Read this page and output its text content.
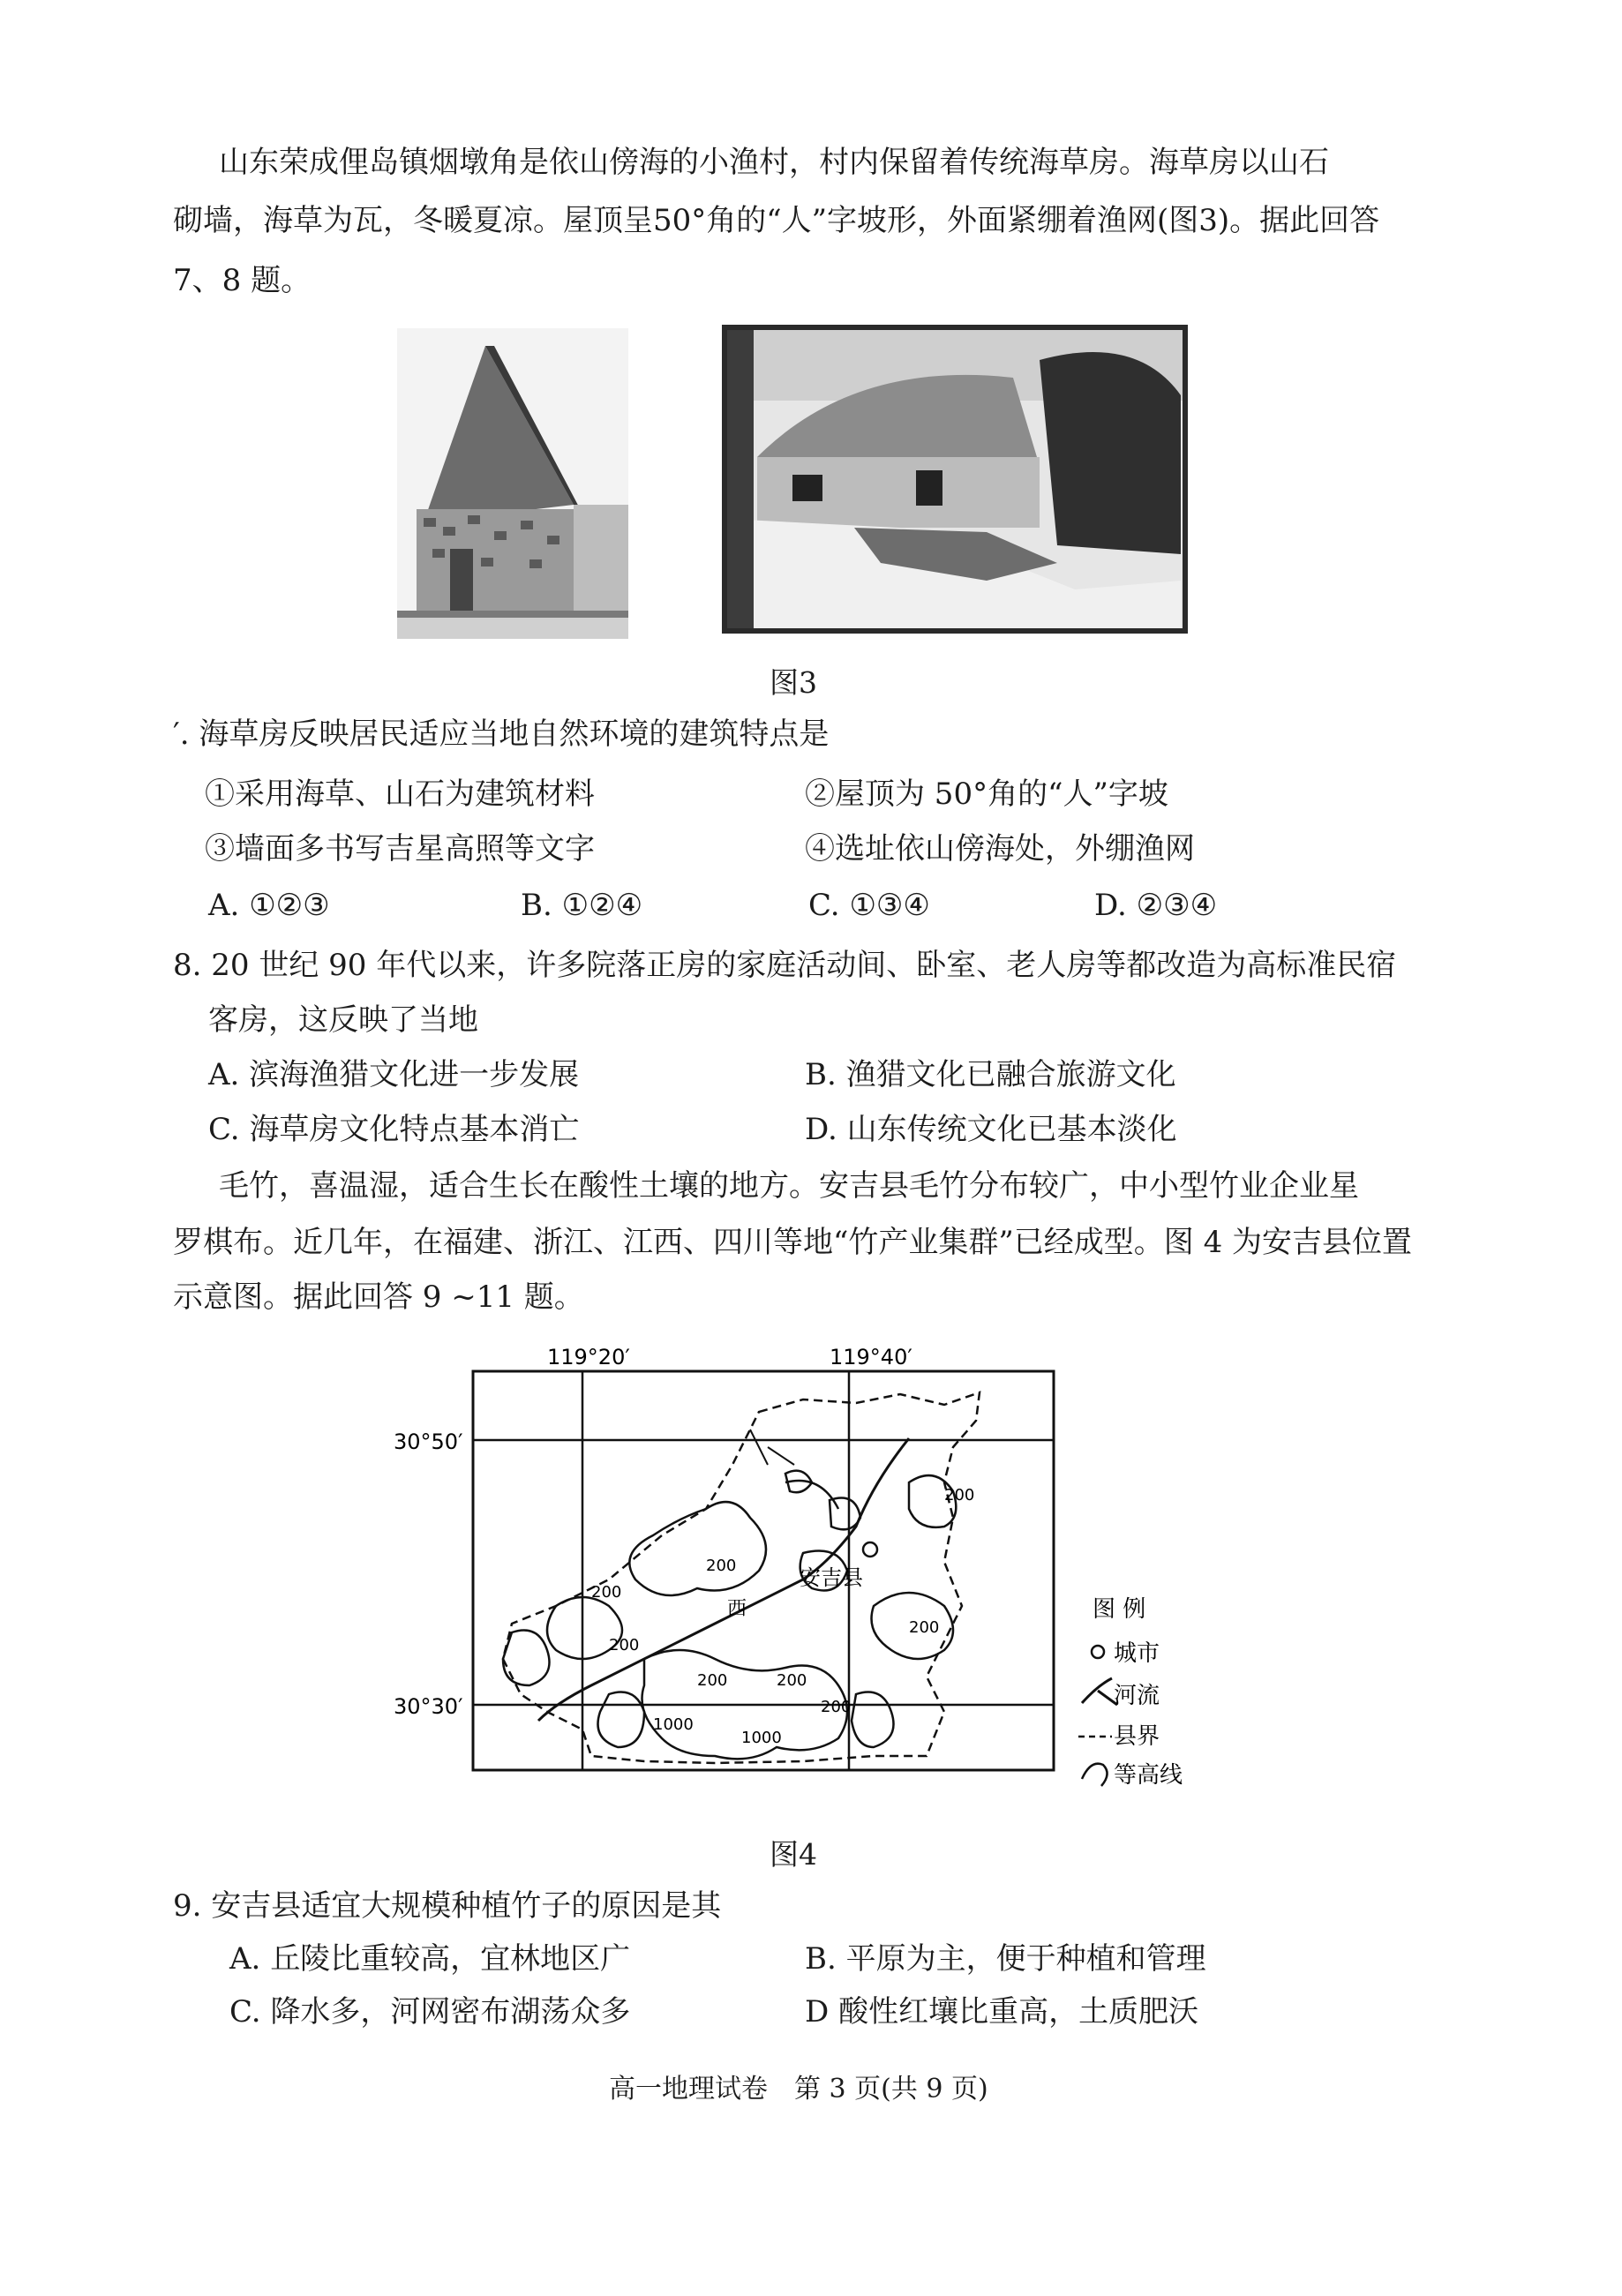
山东荣成俚岛镇烟墩角是依山傍海的小渔村，村内保留着传统海草房。海草房以山石
砌墙，海草为瓦，冬暖夏凉。屋顶呈50°角的“人”字坡形，外面紧绷着渔网(图3)。据此回答
7、8 题。
图3
′. 海草房反映居民适应当地自然环境的建筑特点是
①采用海草、山石为建筑材料	②屋顶为 50°角的“人”字坡
③墙面多书写吉星高照等文字	④选址依山傍海处，外绷渔网
A. ①②③	B. ①②④	C. ①③④	D. ②③④
8. 20 世纪 90 年代以来，许多院落正房的家庭活动间、卧室、老人房等都改造为高标准民宿
客房，这反映了当地
A. 滨海渔猎文化进一步发展	B. 渔猎文化已融合旅游文化
C. 海草房文化特点基本消亡	D. 山东传统文化已基本淡化
毛竹，喜温湿，适合生长在酸性土壤的地方。安吉县毛竹分布较广，中小型竹业企业星
罗棋布。近几年，在福建、浙江、江西、四川等地“竹产业集群”已经成型。图 4 为安吉县位置
示意图。据此回答 9 ~11 题。
119°20′	119°40′
30°50′
30°30′
200
200
200
200	200
200
200
1000
1000
200
安吉县
西	图 例
城市
河流
县界
等高线
图4
9. 安吉县适宜大规模种植竹子的原因是其
A. 丘陵比重较高，宜林地区广	B. 平原为主，便于种植和管理
C. 降水多，河网密布湖荡众多	D 酸性红壤比重高，土质肥沃
高一地理试卷　第 3 页(共 9 页)
